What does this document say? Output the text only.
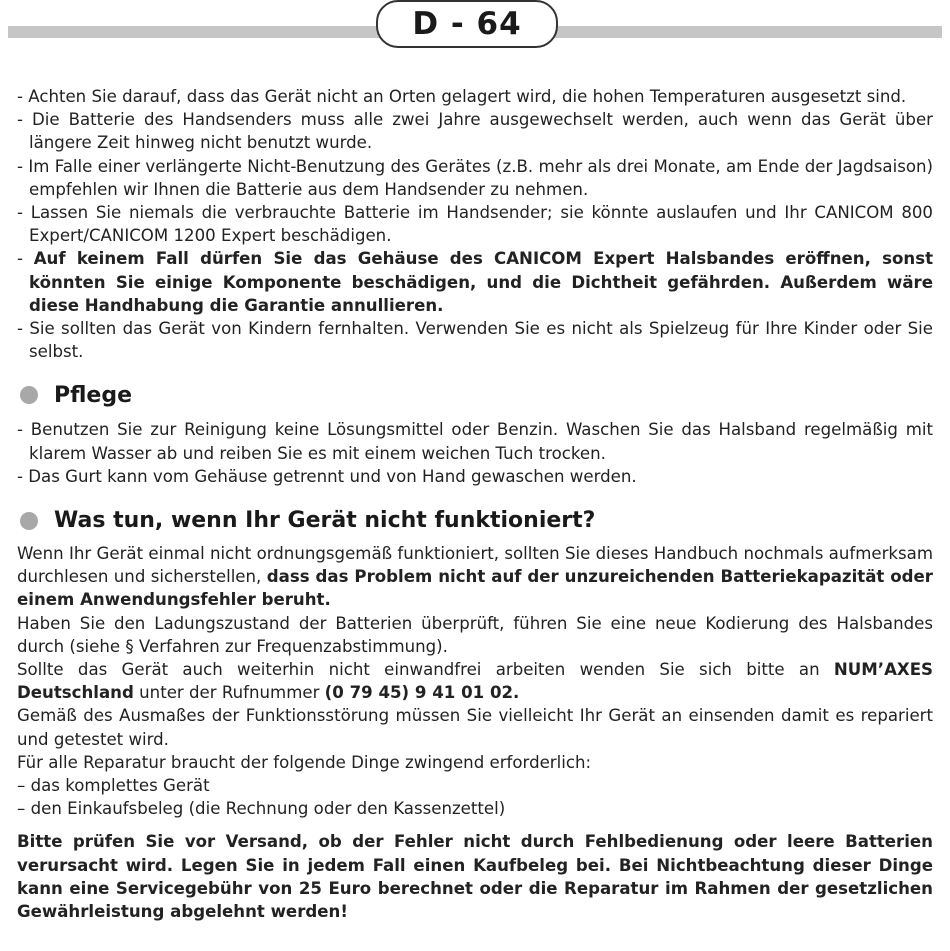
D - 64

- Achten Sie darauf, dass das Gerät nicht an Orten gelagert wird, die hohen Temperaturen ausgesetzt sind.

- Die Batterie des Handsenders muss alle zwei Jahre ausgewechselt werden, auch wenn das Gerät über längere Zeit hinweg nicht benutzt wurde.

- Im Falle einer verlängerte Nicht-Benutzung des Gerätes (z.B. mehr als drei Monate, am Ende der Jagdsaison) empfehlen wir Ihnen die Batterie aus dem Handsender zu nehmen.

- Lassen Sie niemals die verbrauchte Batterie im Handsender; sie könnte auslaufen und Ihr CANICOM 800 Expert/CANICOM 1200 Expert beschädigen.

- Auf keinem Fall dürfen Sie das Gehäuse des CANICOM Expert Halsbandes eröffnen, sonst könnten Sie einige Komponente beschädigen, und die Dichtheit gefährden. Außerdem wäre diese Handhabung die Garantie annullieren.

- Sie sollten das Gerät von Kindern fernhalten. Verwenden Sie es nicht als Spielzeug für Ihre Kinder oder Sie selbst.

Pflege

- Benutzen Sie zur Reinigung keine Lösungsmittel oder Benzin. Waschen Sie das Halsband regelmäßig mit klarem Wasser ab und reiben Sie es mit einem weichen Tuch trocken.

- Das Gurt kann vom Gehäuse getrennt und von Hand gewaschen werden.

Was tun, wenn Ihr Gerät nicht funktioniert?

Wenn Ihr Gerät einmal nicht ordnungsgemäß funktioniert, sollten Sie dieses Handbuch nochmals aufmerksam durchlesen und sicherstellen, dass das Problem nicht auf der unzureichenden Batteriekapazität oder einem Anwendungsfehler beruht.

Haben Sie den Ladungszustand der Batterien überprüft, führen Sie eine neue Kodierung des Halsbandes durch (siehe § Verfahren zur Frequenzabstimmung).

Sollte das Gerät auch weiterhin nicht einwandfrei arbeiten wenden Sie sich bitte an NUM’AXES Deutschland unter der Rufnummer (0 79 45) 9 41 01 02.

Gemäß des Ausmaßes der Funktionsstörung müssen Sie vielleicht Ihr Gerät an einsenden damit es repariert und getestet wird.

Für alle Reparatur braucht der folgende Dinge zwingend erforderlich:

– das komplettes Gerät

– den Einkaufsbeleg (die Rechnung oder den Kassenzettel)

Bitte prüfen Sie vor Versand, ob der Fehler nicht durch Fehlbedienung oder leere Batterien verursacht wird. Legen Sie in jedem Fall einen Kaufbeleg bei. Bei Nichtbeachtung dieser Dinge kann eine Servicegebühr von 25 Euro berechnet oder die Reparatur im Rahmen der gesetzlichen Gewährleistung abgelehnt werden!
